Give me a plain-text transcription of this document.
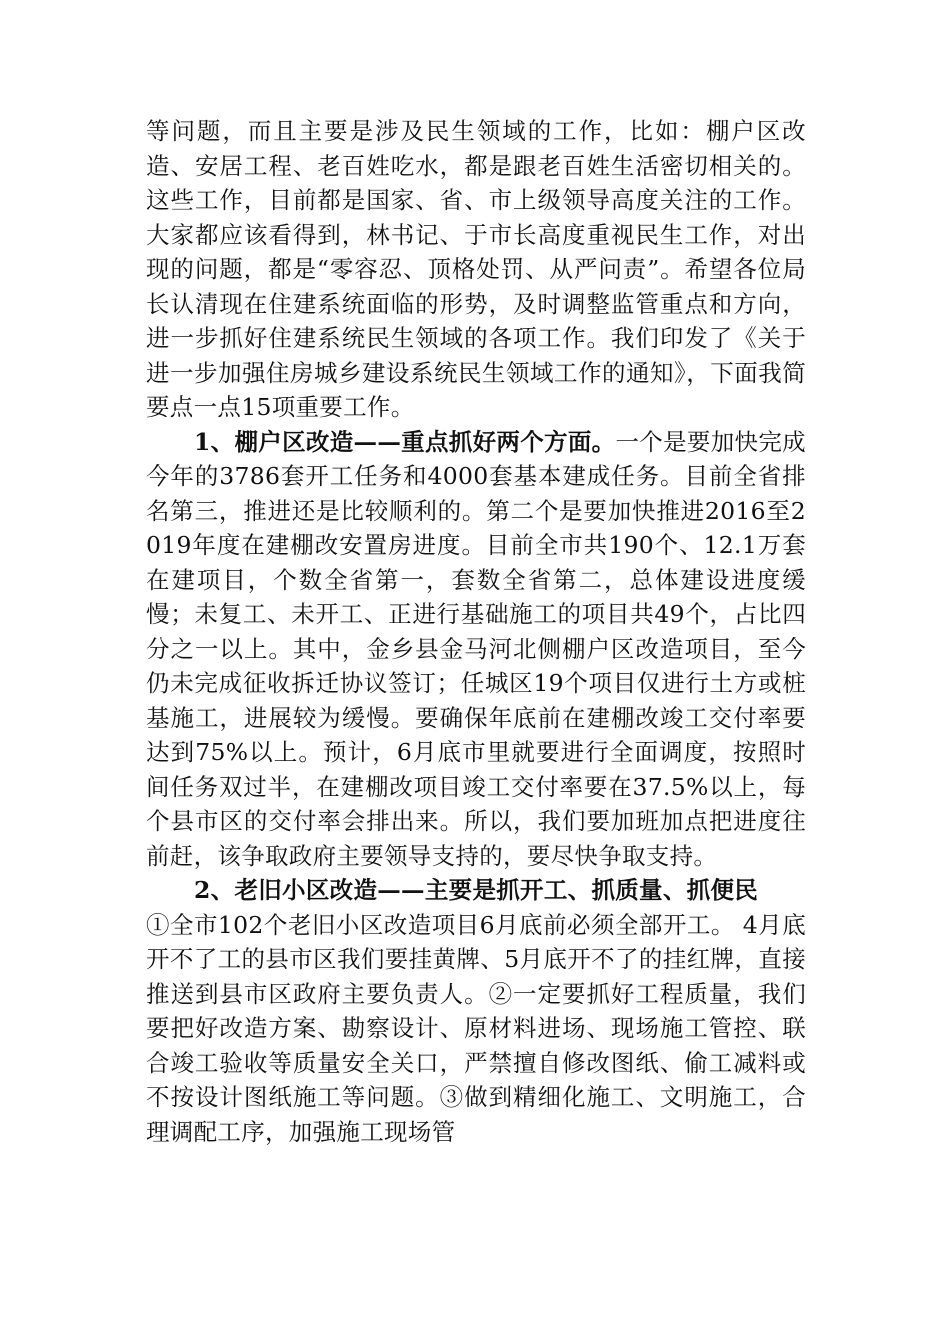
等问题，而且主要是涉及民生领域的工作，比如：棚户区改造、安居工程、老百姓吃水，都是跟老百姓生活密切相关的。这些工作，目前都是国家、省、市上级领导高度关注的工作。大家都应该看得到，林书记、于市长高度重视民生工作，对出现的问题，都是“零容忍、顶格处罚、从严问责”。希望各位局长认清现在住建系统面临的形势，及时调整监管重点和方向，进一步抓好住建系统民生领域的各项工作。我们印发了《关于进一步加强住房城乡建设系统民生领域工作的通知》，下面我简要点一点15项重要工作。

1、棚户区改造——重点抓好两个方面。一个是要加快完成今年的3786套开工任务和4000套基本建成任务。目前全省排名第三，推进还是比较顺利的。第二个是要加快推进2016至2019年度在建棚改安置房进度。目前全市共190个、12.1万套在建项目，个数全省第一，套数全省第二，总体建设进度缓慢；未复工、未开工、正进行基础施工的项目共49个，占比四分之一以上。其中，金乡县金马河北侧棚户区改造项目，至今仍未完成征收拆迁协议签订；任城区19个项目仅进行土方或桩基施工，进展较为缓慢。要确保年底前在建棚改竣工交付率要达到75%以上。预计，6月底市里就要进行全面调度，按照时间任务双过半，在建棚改项目竣工交付率要在37.5%以上，每个县市区的交付率会排出来。所以，我们要加班加点把进度往前赶，该争取政府主要领导支持的，要尽快争取支持。

2、老旧小区改造——主要是抓开工、抓质量、抓便民

①全市102个老旧小区改造项目6月底前必须全部开工。 4月底开不了工的县市区我们要挂黄牌、5月底开不了的挂红牌，直接推送到县市区政府主要负责人。②一定要抓好工程质量，我们要把好改造方案、勘察设计、原材料进场、现场施工管控、联合竣工验收等质量安全关口，严禁擅自修改图纸、偷工减料或不按设计图纸施工等问题。③做到精细化施工、文明施工，合理调配工序，加强施工现场管
